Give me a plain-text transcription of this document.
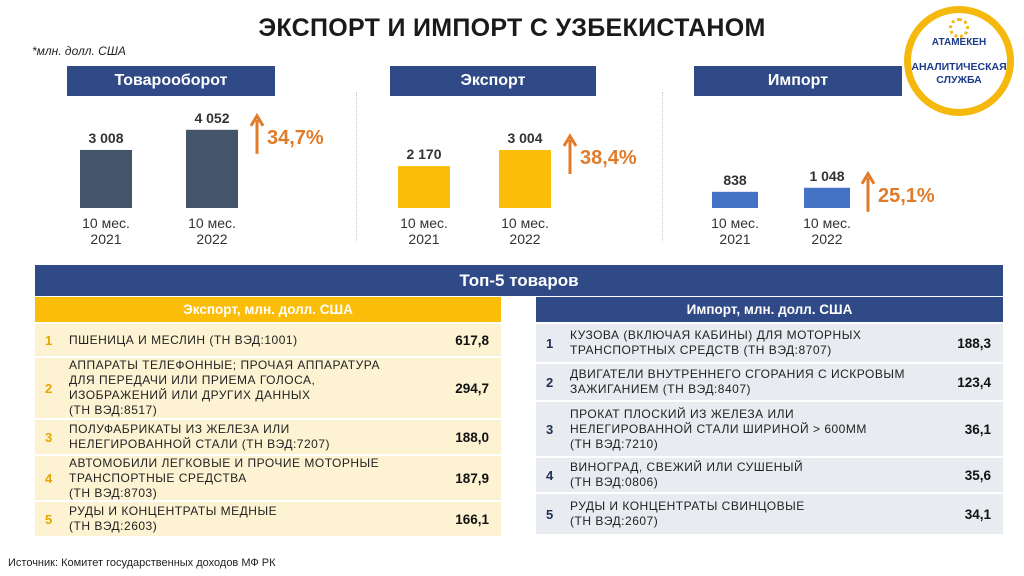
ЭКСПОРТ И ИМПОРТ С УЗБЕКИСТАНОМ
*млн. долл. США
АТАМЕКЕН
АНАЛИТИЧЕСКАЯ
СЛУЖБА
Товарооборот
3 008
10 мес.
2021
4 052
10 мес.
2022
34,7%
Экспорт
2 170
10 мес.
2021
3 004
10 мес.
2022
38,4%
Импорт
838
10 мес.
2021
1 048
10 мес.
2022
25,1%
Топ-5 товаров
Экспорт, млн. долл. США
1	ПШЕНИЦА И МЕСЛИН (ТН ВЭД:1001)	617,8
2
АППАРАТЫ ТЕЛЕФОННЫЕ; ПРОЧАЯ АППАРАТУРА
ДЛЯ ПЕРЕДАЧИ ИЛИ ПРИЕМА ГОЛОСА,
ИЗОБРАЖЕНИЙ ИЛИ ДРУГИХ ДАННЫХ
(ТН ВЭД:8517)
294,7
3
ПОЛУФАБРИКАТЫ ИЗ ЖЕЛЕЗА ИЛИ
НЕЛЕГИРОВАННОЙ СТАЛИ (ТН ВЭД:7207)	188,0
4
АВТОМОБИЛИ ЛЕГКОВЫЕ И ПРОЧИЕ МОТОРНЫЕ
ТРАНСПОРТНЫЕ СРЕДСТВА
(ТН ВЭД:8703)
187,9
5
РУДЫ И КОНЦЕНТРАТЫ МЕДНЫЕ
(ТН ВЭД:2603)	166,1
Импорт, млн. долл. США
1
КУЗОВА (ВКЛЮЧАЯ КАБИНЫ) ДЛЯ МОТОРНЫХ
ТРАНСПОРТНЫХ СРЕДСТВ (ТН ВЭД:8707)	188,3
2
ДВИГАТЕЛИ ВНУТРЕННЕГО СГОРАНИЯ С ИСКРОВЫМ
ЗАЖИГАНИЕМ (ТН ВЭД:8407)	123,4
3
ПРОКАТ ПЛОСКИЙ ИЗ ЖЕЛЕЗА ИЛИ
НЕЛЕГИРОВАННОЙ СТАЛИ ШИРИНОЙ > 600ММ
(ТН ВЭД:7210)
36,1
4
ВИНОГРАД, СВЕЖИЙ ИЛИ СУШЕНЫЙ
(ТН ВЭД:0806)	35,6
5
РУДЫ И КОНЦЕНТРАТЫ СВИНЦОВЫЕ
(ТН ВЭД:2607)	34,1
Источник: Комитет государственных доходов МФ РК
